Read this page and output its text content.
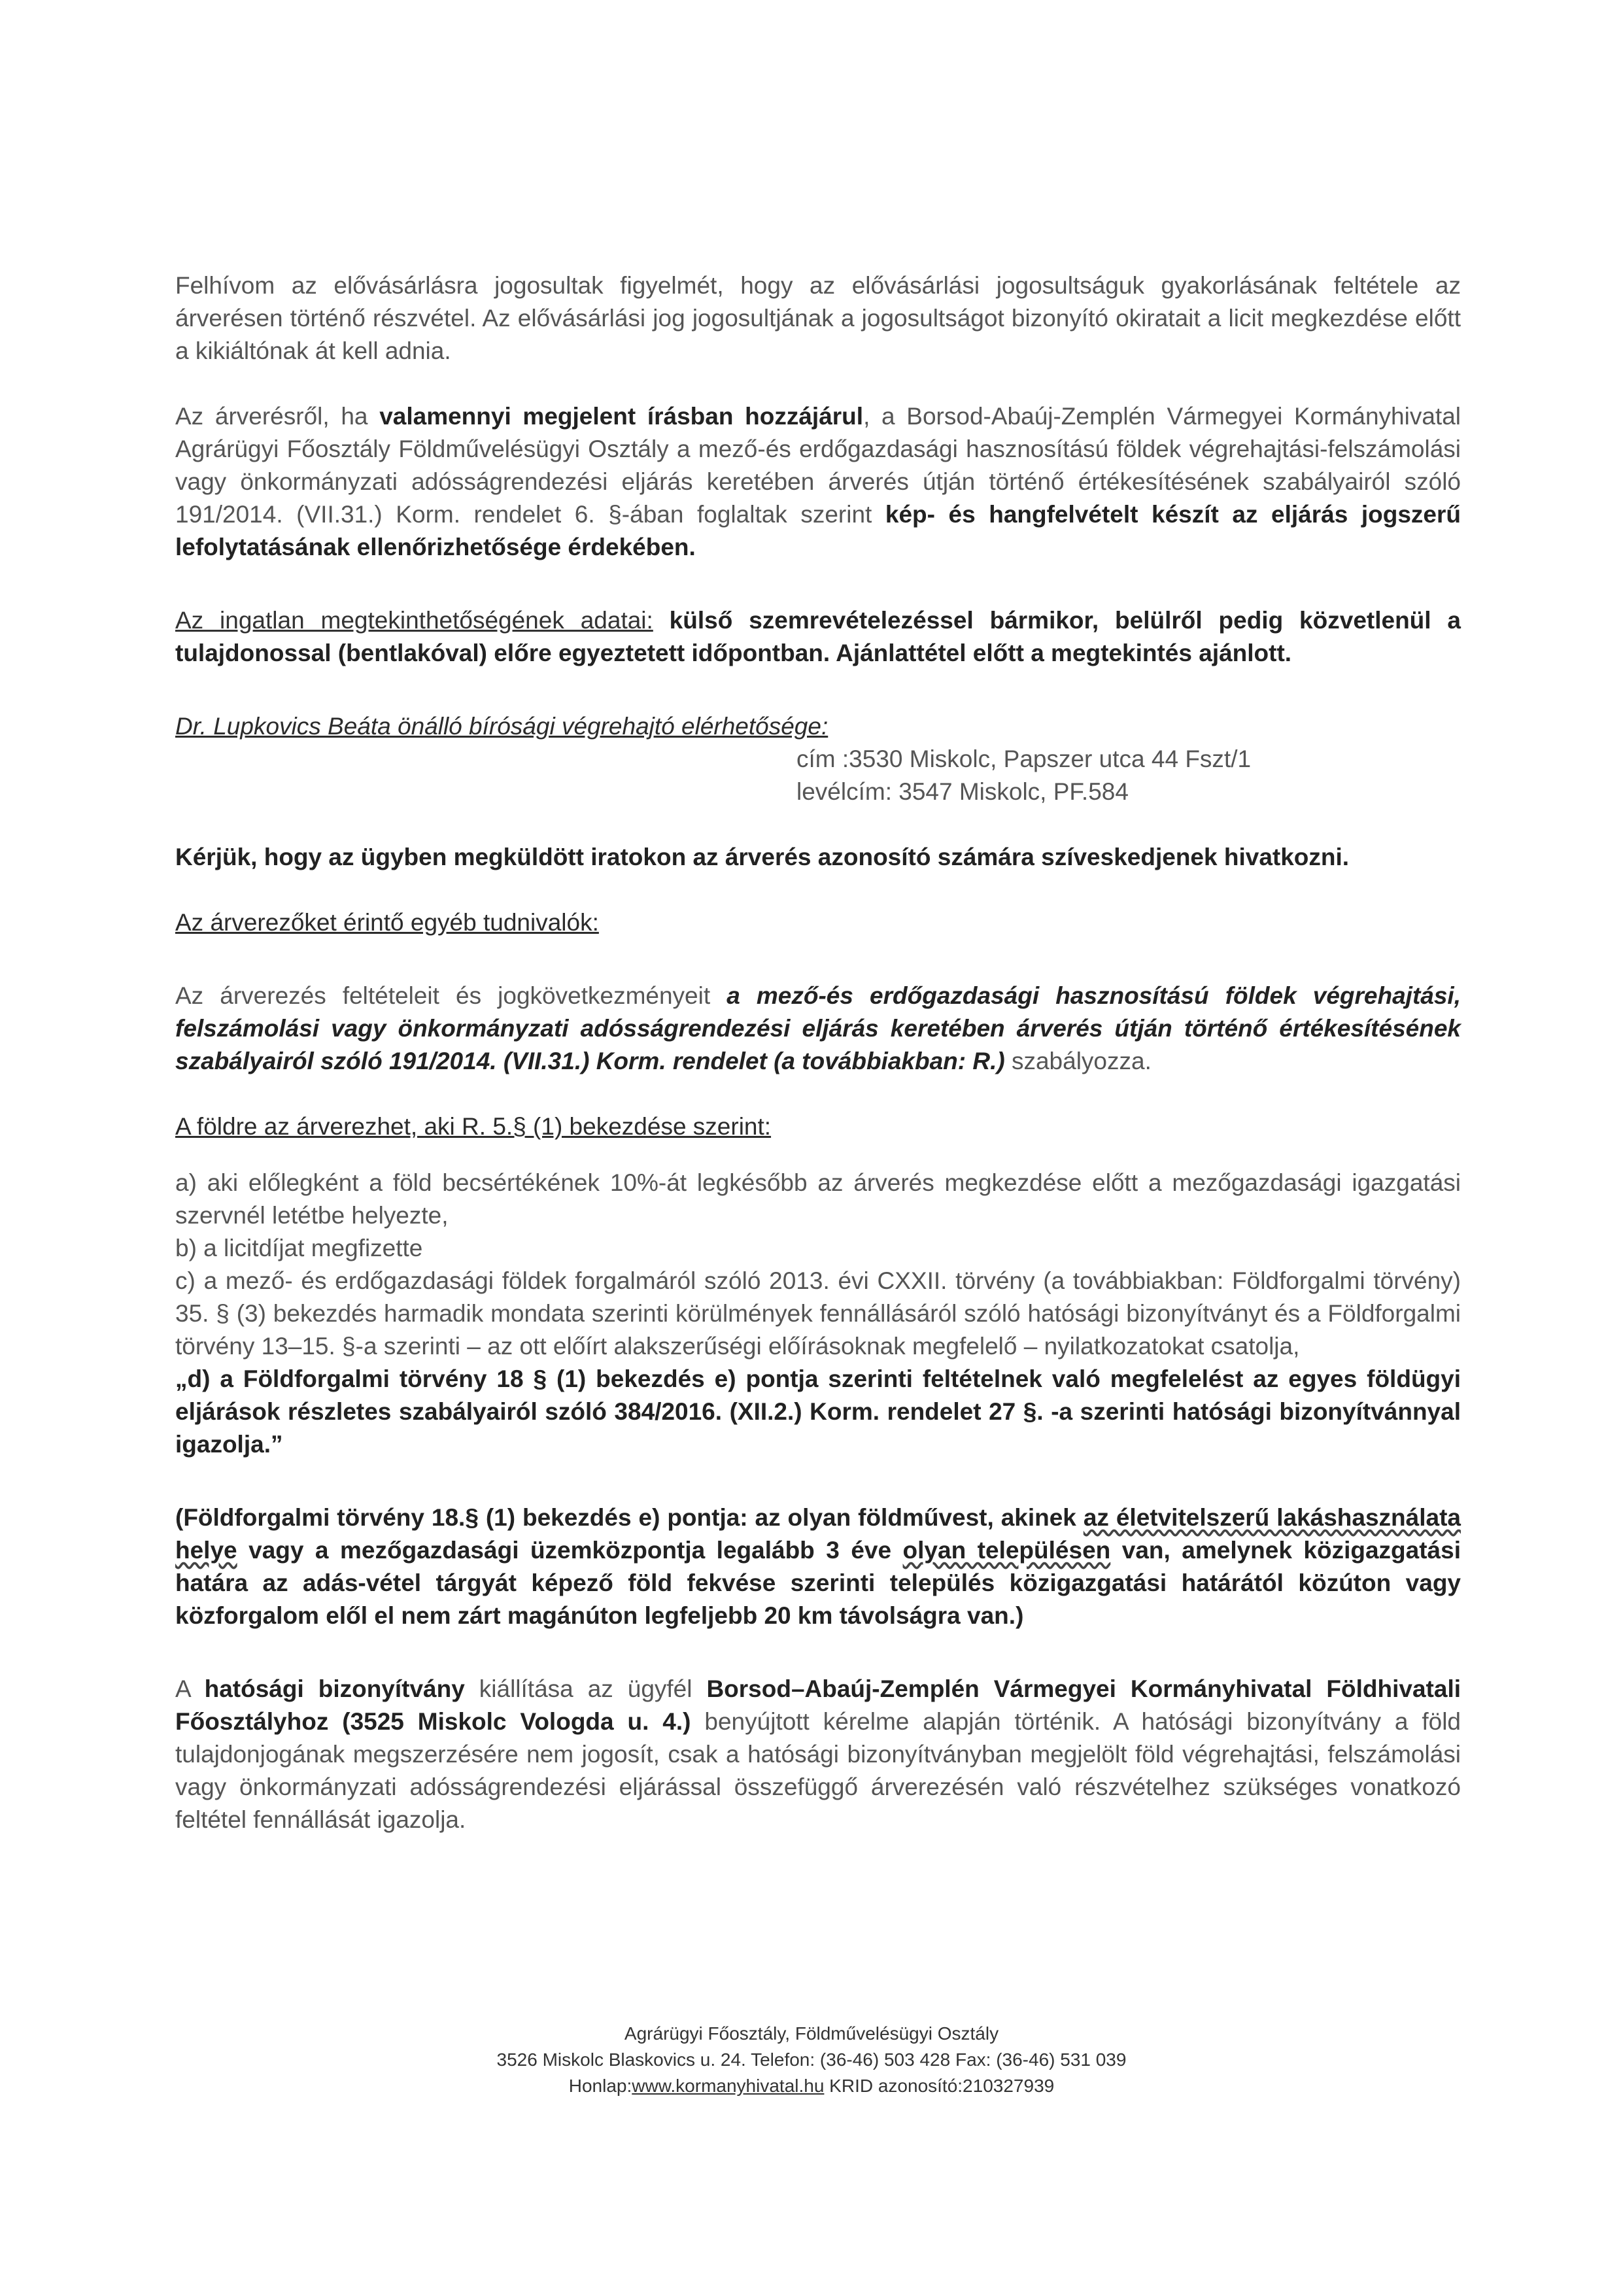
Felhívom az elővásárlásra jogosultak figyelmét, hogy az elővásárlási jogosultságuk gyakorlásának feltétele az árverésen történő részvétel. Az elővásárlási jog jogosultjának a jogosultságot bizonyító okiratait a licit megkezdése előtt a kikiáltónak át kell adnia.

Az árverésről, ha valamennyi megjelent írásban hozzájárul, a Borsod-Abaúj-Zemplén Vármegyei Kormányhivatal Agrárügyi Főosztály Földművelésügyi Osztály a mező-és erdőgazdasági hasznosítású földek végrehajtási-felszámolási vagy önkormányzati adósságrendezési eljárás keretében árverés útján történő értékesítésének szabályairól szóló 191/2014. (VII.31.) Korm. rendelet 6. §-ában foglaltak szerint kép- és hangfelvételt készít az eljárás jogszerű lefolytatásának ellenőrizhetősége érdekében.

Az ingatlan megtekinthetőségének adatai: külső szemrevételezéssel bármikor, belülről pedig közvetlenül a tulajdonossal (bentlakóval) előre egyeztetett időpontban. Ajánlattétel előtt a megtekintés ajánlott.

Dr. Lupkovics Beáta önálló bírósági végrehajtó elérhetősége:

cím :3530 Miskolc, Papszer utca 44 Fszt/1

levélcím: 3547 Miskolc, PF.584

Kérjük, hogy az ügyben megküldött iratokon az árverés azonosító számára szíveskedjenek hivatkozni.

Az árverezőket érintő egyéb tudnivalók:

Az árverezés feltételeit és jogkövetkezményeit a mező-és erdőgazdasági hasznosítású földek végrehajtási, felszámolási vagy önkormányzati adósságrendezési eljárás keretében árverés útján történő értékesítésének szabályairól szóló 191/2014. (VII.31.) Korm. rendelet (a továbbiakban: R.) szabályozza.

A földre az árverezhet, aki R. 5.§ (1) bekezdése szerint:

a) aki előlegként a föld becsértékének 10%-át legkésőbb az árverés megkezdése előtt a mezőgazdasági igazgatási szervnél letétbe helyezte,

b) a licitdíjat megfizette

c) a mező- és erdőgazdasági földek forgalmáról szóló 2013. évi CXXII. törvény (a továbbiakban: Földforgalmi törvény) 35. § (3) bekezdés harmadik mondata szerinti körülmények fennállásáról szóló hatósági bizonyítványt és a Földforgalmi törvény 13–15. §-a szerinti – az ott előírt alakszerűségi előírásoknak megfelelő – nyilatkozatokat csatolja,

„d) a Földforgalmi törvény 18 § (1) bekezdés e) pontja szerinti feltételnek való megfelelést az egyes földügyi eljárások részletes szabályairól szóló 384/2016. (XII.2.) Korm. rendelet 27 §. -a szerinti hatósági bizonyítvánnyal igazolja.”

(Földforgalmi törvény 18.§ (1) bekezdés e) pontja: az olyan földművest, akinek az életvitelszerű lakáshasználata helye vagy a mezőgazdasági üzemközpontja legalább 3 éve olyan településen van, amelynek közigazgatási határa az adás-vétel tárgyát képező föld fekvése szerinti település közigazgatási határától közúton vagy közforgalom elől el nem zárt magánúton legfeljebb 20 km távolságra van.)

A hatósági bizonyítvány kiállítása az ügyfél Borsod–Abaúj-Zemplén Vármegyei Kormányhivatal Földhivatali Főosztályhoz (3525 Miskolc Vologda u. 4.) benyújtott kérelme alapján történik. A hatósági bizonyítvány a föld tulajdonjogának megszerzésére nem jogosít, csak a hatósági bizonyítványban megjelölt föld végrehajtási, felszámolási vagy önkormányzati adósságrendezési eljárással összefüggő árverezésén való részvételhez szükséges vonatkozó feltétel fennállását igazolja.

Agrárügyi Főosztály, Földművelésügyi Osztály
3526 Miskolc Blaskovics u. 24. Telefon: (36-46) 503 428 Fax: (36-46) 531 039
Honlap:www.kormanyhivatal.hu KRID azonosító:210327939
